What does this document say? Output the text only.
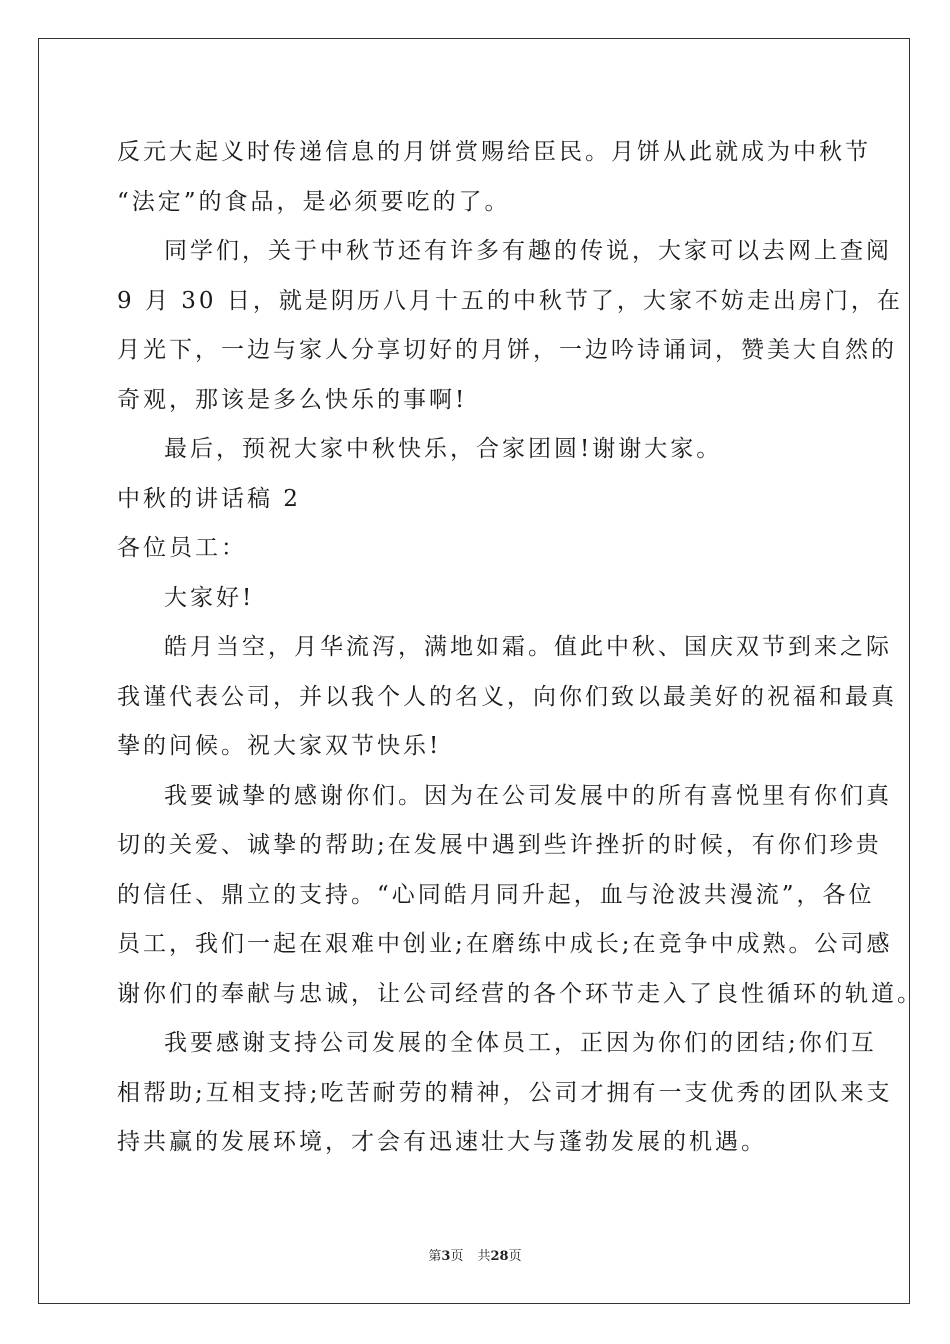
反元大起义时传递信息的月饼赏赐给臣民。月饼从此就成为中秋节
“法定”的食品，是必须要吃的了。
同学们，关于中秋节还有许多有趣的传说，大家可以去网上查阅
9 月 30 日，就是阴历八月十五的中秋节了，大家不妨走出房门，在
月光下，一边与家人分享切好的月饼，一边吟诗诵词，赞美大自然的
奇观，那该是多么快乐的事啊!
最后，预祝大家中秋快乐，合家团圆!谢谢大家。
中秋的讲话稿 2
各位员工：
大家好!
皓月当空，月华流泻，满地如霜。值此中秋、国庆双节到来之际
我谨代表公司，并以我个人的名义，向你们致以最美好的祝福和最真
挚的问候。祝大家双节快乐!
我要诚挚的感谢你们。因为在公司发展中的所有喜悦里有你们真
切的关爱、诚挚的帮助;在发展中遇到些许挫折的时候，有你们珍贵
的信任、鼎立的支持。“心同皓月同升起，血与沧波共漫流”，各位
员工，我们一起在艰难中创业;在磨练中成长;在竞争中成熟。公司感
谢你们的奉献与忠诚，让公司经营的各个环节走入了良性循环的轨道。
我要感谢支持公司发展的全体员工，正因为你们的团结;你们互
相帮助;互相支持;吃苦耐劳的精神，公司才拥有一支优秀的团队来支
持共赢的发展环境，才会有迅速壮大与蓬勃发展的机遇。
第3页 共28页
